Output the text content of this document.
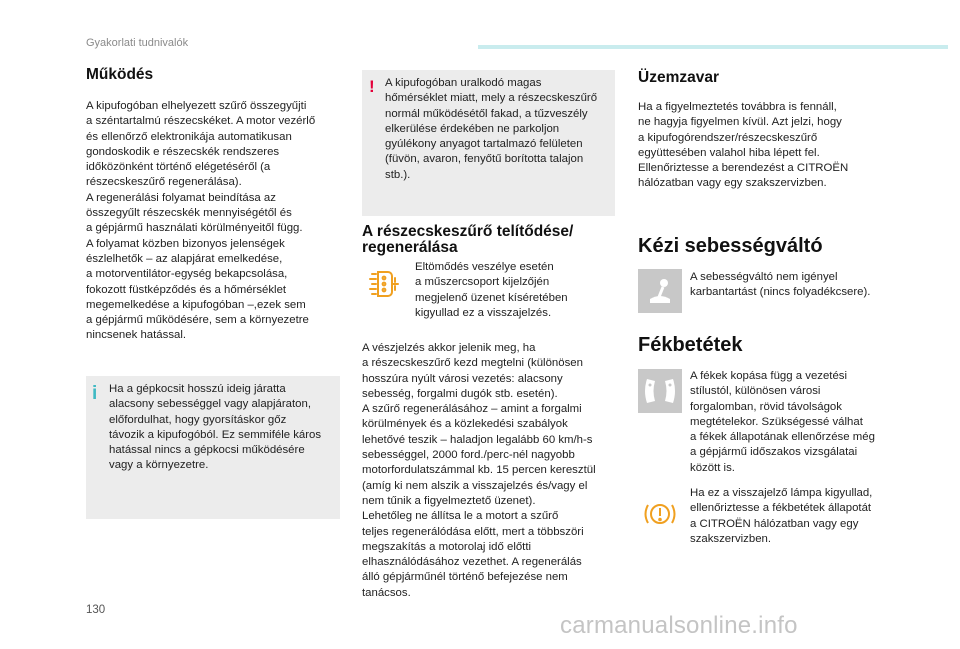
Gyakorlati tudnivalók
Működés

A kipufogóban elhelyezett szűrő összegyűjti
a széntartalmú részecskéket. A motor vezérlő
és ellenőrző elektronikája automatikusan
gondoskodik e részecskék rendszeres
időközönként történő elégetéséről (a
részecskeszűrő regenerálása).
A regenerálási folyamat beindítása az
összegyűlt részecskék mennyiségétől és
a gépjármű használati körülményeitől függ.
A folyamat közben bizonyos jelenségek
észlelhetők – az alapjárat emelkedése,
a motorventilátor-egység bekapcsolása,
fokozott füstképződés és a hőmérséklet
megemelkedése a kipufogóban –,ezek sem
a gépjármű működésére, sem a környezetre
nincsenek hatással.

i Ha a gépkocsit hosszú ideig járatta
alacsony sebességgel vagy alapjáraton,
előfordulhat, hogy gyorsításkor gőz
távozik a kipufogóból. Ez semmiféle káros
hatással nincs a gépkocsi működésére
vagy a környezetre.

! A kipufogóban uralkodó magas
hőmérséklet miatt, mely a részecskeszűrő
normál működésétől fakad, a tűzveszély
elkerülése érdekében ne parkoljon
gyúlékony anyagot tartalmazó felületen
(füvön, avaron, fenyőtű borította talajon
stb.).

A részecskeszűrő telítődése/
regenerálása

Eltömődés veszélye esetén
a műszercsoport kijelzőjén
megjelenő üzenet kíséretében
kigyullad ez a visszajelzés.

A vészjelzés akkor jelenik meg, ha
a részecskeszűrő kezd megtelni (különösen
hosszúra nyúlt városi vezetés: alacsony
sebesség, forgalmi dugók stb. esetén).
A szűrő regenerálásához – amint a forgalmi
körülmények és a közlekedési szabályok
lehetővé teszik – haladjon legalább 60 km/h-s
sebességgel, 2000 ford./perc-nél nagyobb
motorfordulatszámmal kb. 15 percen keresztül
(amíg ki nem alszik a visszajelzés és/vagy el
nem tűnik a figyelmeztető üzenet).
Lehetőleg ne állítsa le a motort a szűrő
teljes regenerálódása előtt, mert a többszöri
megszakítás a motorolaj idő előtti
elhasználódásához vezethet. A regenerálás
álló gépjárműnél történő befejezése nem
tanácsos.

Üzemzavar

Ha a figyelmeztetés továbbra is fennáll,
ne hagyja figyelmen kívül. Azt jelzi, hogy
a kipufogórendszer/részecskeszűrő
együttesében valahol hiba lépett fel.
Ellenőriztesse a berendezést a CITROËN
hálózatban vagy egy szakszervizben.

Kézi sebességváltó

A sebességváltó nem igényel
karbantartást (nincs folyadékcsere).

Fékbetétek

A fékek kopása függ a vezetési
stílustól, különösen városi
forgalomban, rövid távolságok
megtételekor. Szükségessé válhat
a fékek állapotának ellenőrzése még
a gépjármű időszakos vizsgálatai
között is.

Ha ez a visszajelző lámpa kigyullad,
ellenőriztesse a fékbetétek állapotát
a CITROËN hálózatban vagy egy
szakszervizben.

130
carmanualsonline.info
